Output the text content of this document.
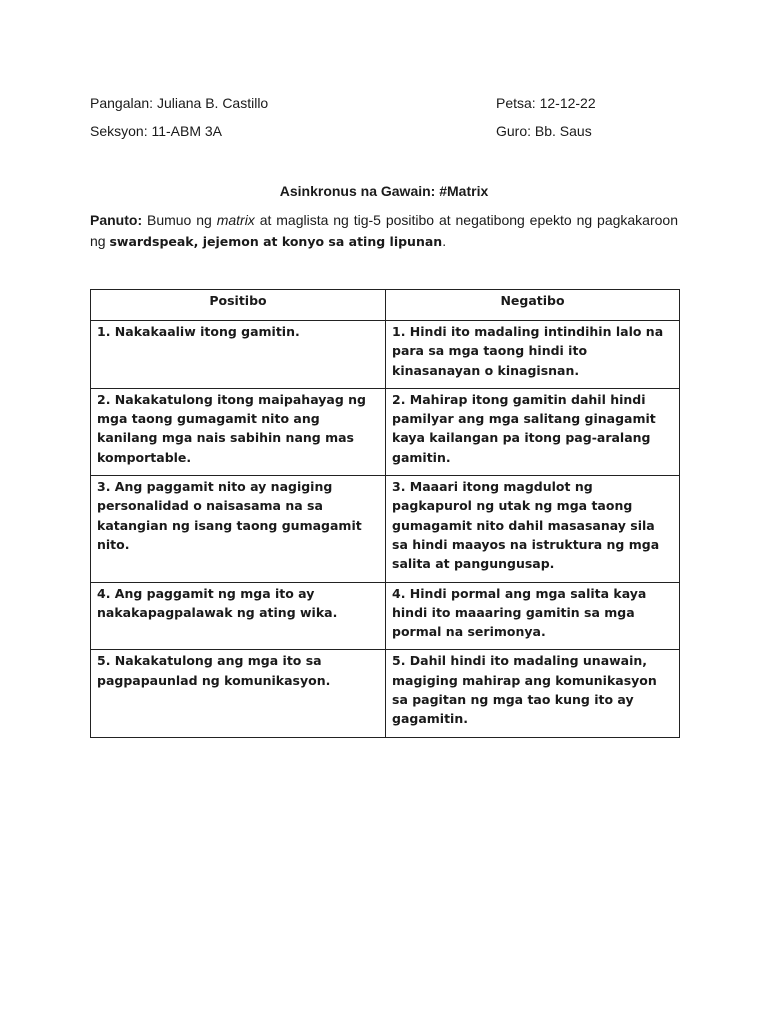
Pangalan: Juliana B. Castillo	Petsa: 12-12-22
Seksyon: 11-ABM 3A	Guro: Bb. Saus
Asinkronus na Gawain: #Matrix
Panuto: Bumuo ng matrix at maglista ng tig-5 positibo at negatibong epekto ng pagkakaroon ng swardspeak, jejemon at konyo sa ating lipunan.
Positibo	Negatibo
1. Nakakaaliw itong gamitin.	1. Hindi ito madaling intindihin lalo na para sa mga taong hindi ito kinasanayan o kinagisnan.
2. Nakakatulong itong maipahayag ng mga taong gumagamit nito ang kanilang mga nais sabihin nang mas komportable.	2. Mahirap itong gamitin dahil hindi pamilyar ang mga salitang ginagamit kaya kailangan pa itong pag-aralang gamitin.
3. Ang paggamit nito ay nagiging personalidad o naisasama na sa katangian ng isang taong gumagamit nito.	3. Maaari itong magdulot ng pagkapurol ng utak ng mga taong gumagamit nito dahil masasanay sila sa hindi maayos na istruktura ng mga salita at pangungusap.
4. Ang paggamit ng mga ito ay nakakapagpalawak ng ating wika.	4. Hindi pormal ang mga salita kaya hindi ito maaaring gamitin sa mga pormal na serimonya.
5. Nakakatulong ang mga ito sa pagpapaunlad ng komunikasyon.	5. Dahil hindi ito madaling unawain, magiging mahirap ang komunikasyon sa pagitan ng mga tao kung ito ay gagamitin.
